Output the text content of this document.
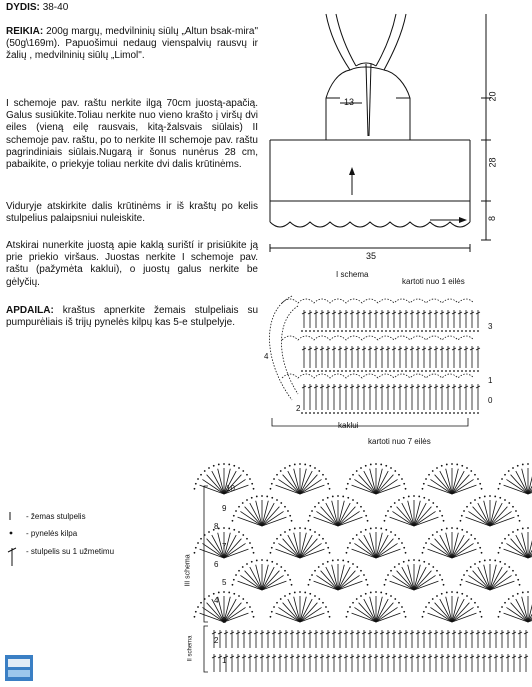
DYDIS: 38-40

REIKIA: 200g margų, medvilninių siūlų „Altun bsak-mira"(50g\169m). Papuošimui nedaug vienspalvių rausvų ir žalių , medvilninių siūlų „Limol".

I schemoje pav. raštu nerkite ilgą 70cm juostą-apačią. Galus susiūkite.Toliau nerkite nuo vieno krašto į viršų dvi eiles (vieną eilę rausvais, kitą-žalsvais siūlais) II schemoje pav. raštu, po to nerkite III schemoje pav. raštu pagrindiniais siūlais.Nugarą ir šonus nunėrus 28 cm, pabaikite, o priekyje toliau nerkite dvi dalis krūtinėms.

Viduryje atskirkite dalis krūtinėms ir iš kraštų po kelis stulpelius palaipsniui nuleiskite.

Atskirai nunerkite juostą apie kaklą suriští ir prisiūkite ją prie priekio viršaus. Juostas nerkite I schemoje pav. raštu (pažymėta kaklui), o juostų galus nerkite be gėlyčių.

APDAILA: kraštus apnerkite žemais stulpeliais su pumpurėliais iš trijų pynelės kilpų kas 5-e stulpelyje.

13
20
28
8
35
I schema
kartoti nuo 1 eilės
3
1
0
4
2
kaklui
kartoti nuo 7 eilės
III schema
II schema
10
9
8
7
6
5
4
3
2
1
- žemas stulpelis
- pynelės kilpa
- stulpelis su 1 užmetimu
